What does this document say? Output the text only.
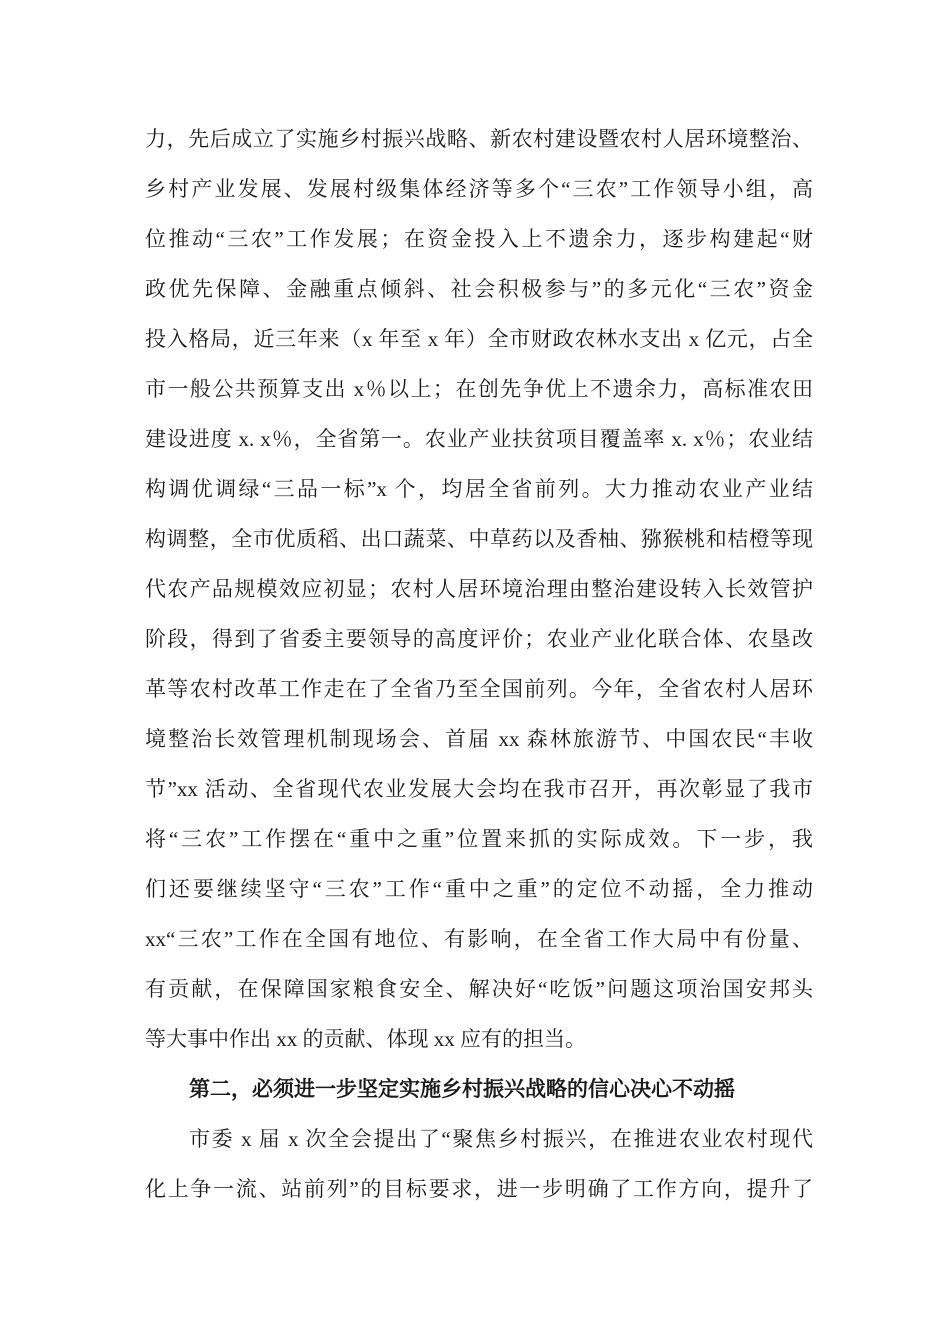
力，先后成立了实施乡村振兴战略、新农村建设暨农村人居环境整治、
乡村产业发展、发展村级集体经济等多个“三农”工作领导小组，高
位推动“三农”工作发展；在资金投入上不遗余力，逐步构建起“财
政优先保障、金融重点倾斜、社会积极参与”的多元化“三农”资金
投入格局，近三年来（x 年至 x 年）全市财政农林水支出 x 亿元，占全
市一般公共预算支出 x％以上；在创先争优上不遗余力，高标准农田
建设进度 x. x％，全省第一。农业产业扶贫项目覆盖率 x. x％；农业结
构调优调绿“三品一标”x 个，均居全省前列。大力推动农业产业结
构调整，全市优质稻、出口蔬菜、中草药以及香柚、猕猴桃和桔橙等现
代农产品规模效应初显；农村人居环境治理由整治建设转入长效管护
阶段，得到了省委主要领导的高度评价；农业产业化联合体、农垦改
革等农村改革工作走在了全省乃至全国前列。今年，全省农村人居环
境整治长效管理机制现场会、首届 xx 森林旅游节、中国农民“丰收
节”xx 活动、全省现代农业发展大会均在我市召开，再次彰显了我市
将“三农”工作摆在“重中之重”位置来抓的实际成效。下一步，我
们还要继续坚守“三农”工作“重中之重”的定位不动摇，全力推动
xx“三农”工作在全国有地位、有影响，在全省工作大局中有份量、
有贡献，在保障国家粮食安全、解决好“吃饭”问题这项治国安邦头
等大事中作出 xx 的贡献、体现 xx 应有的担当。
第二，必须进一步坚定实施乡村振兴战略的信心决心不动摇
市委 x 届 x 次全会提出了“聚焦乡村振兴，在推进农业农村现代
化上争一流、站前列”的目标要求，进一步明确了工作方向，提升了
